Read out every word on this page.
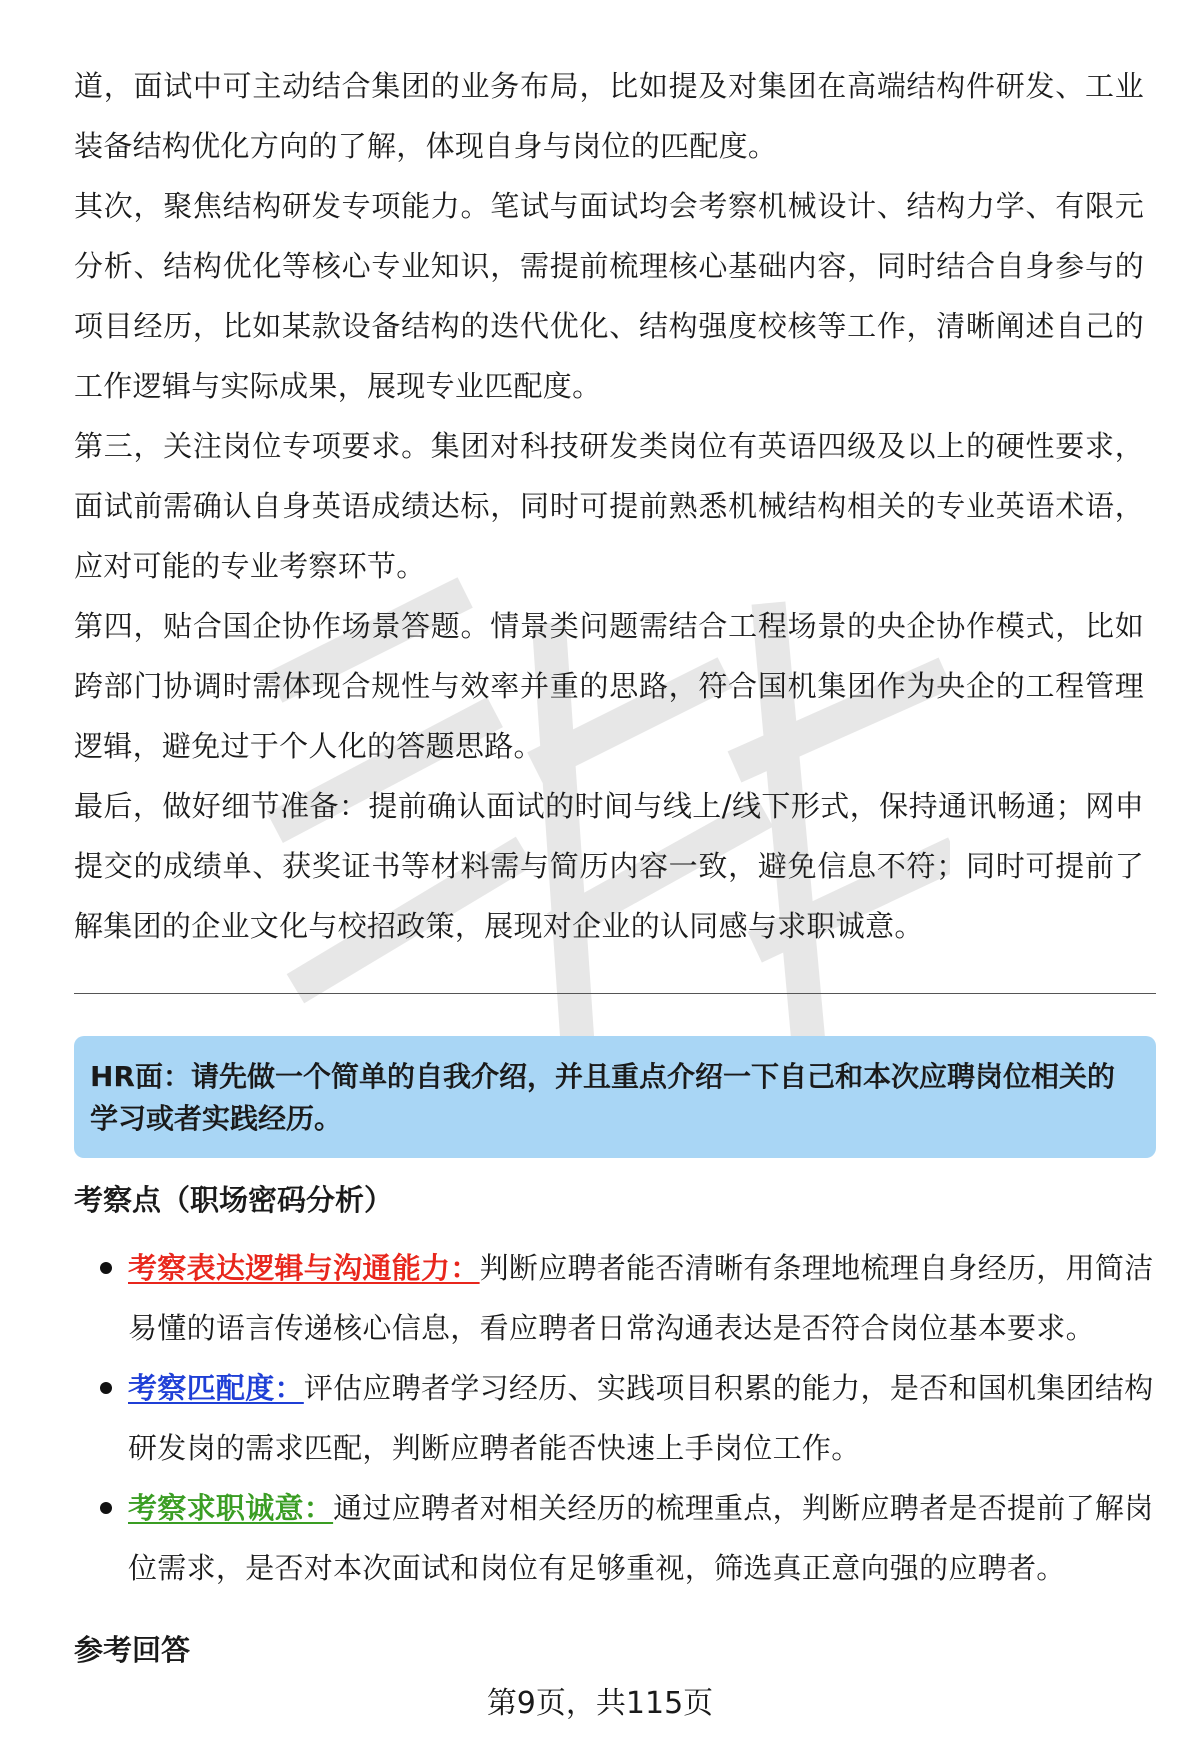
道，面试中可主动结合集团的业务布局，比如提及对集团在高端结构件研发、工业装备结构优化方向的了解，体现自身与岗位的匹配度。

其次，聚焦结构研发专项能力。笔试与面试均会考察机械设计、结构力学、有限元分析、结构优化等核心专业知识，需提前梳理核心基础内容，同时结合自身参与的项目经历，比如某款设备结构的迭代优化、结构强度校核等工作，清晰阐述自己的工作逻辑与实际成果，展现专业匹配度。

第三，关注岗位专项要求。集团对科技研发类岗位有英语四级及以上的硬性要求，面试前需确认自身英语成绩达标，同时可提前熟悉机械结构相关的专业英语术语，应对可能的专业考察环节。

第四，贴合国企协作场景答题。情景类问题需结合工程场景的央企协作模式，比如跨部门协调时需体现合规性与效率并重的思路，符合国机集团作为央企的工程管理逻辑，避免过于个人化的答题思路。

最后，做好细节准备：提前确认面试的时间与线上/线下形式，保持通讯畅通；网申提交的成绩单、获奖证书等材料需与简历内容一致，避免信息不符；同时可提前了解集团的企业文化与校招政策，展现对企业的认同感与求职诚意。

HR面：请先做一个简单的自我介绍，并且重点介绍一下自己和本次应聘岗位相关的学习或者实践经历。

考察点（职场密码分析）
考察表达逻辑与沟通能力：判断应聘者能否清晰有条理地梳理自身经历，用简洁易懂的语言传递核心信息，看应聘者日常沟通表达是否符合岗位基本要求。
考察匹配度：评估应聘者学习经历、实践项目积累的能力，是否和国机集团结构研发岗的需求匹配，判断应聘者能否快速上手岗位工作。
考察求职诚意：通过应聘者对相关经历的梳理重点，判断应聘者是否提前了解岗位需求，是否对本次面试和岗位有足够重视，筛选真正意向强的应聘者。
参考回答
第9页，共115页
